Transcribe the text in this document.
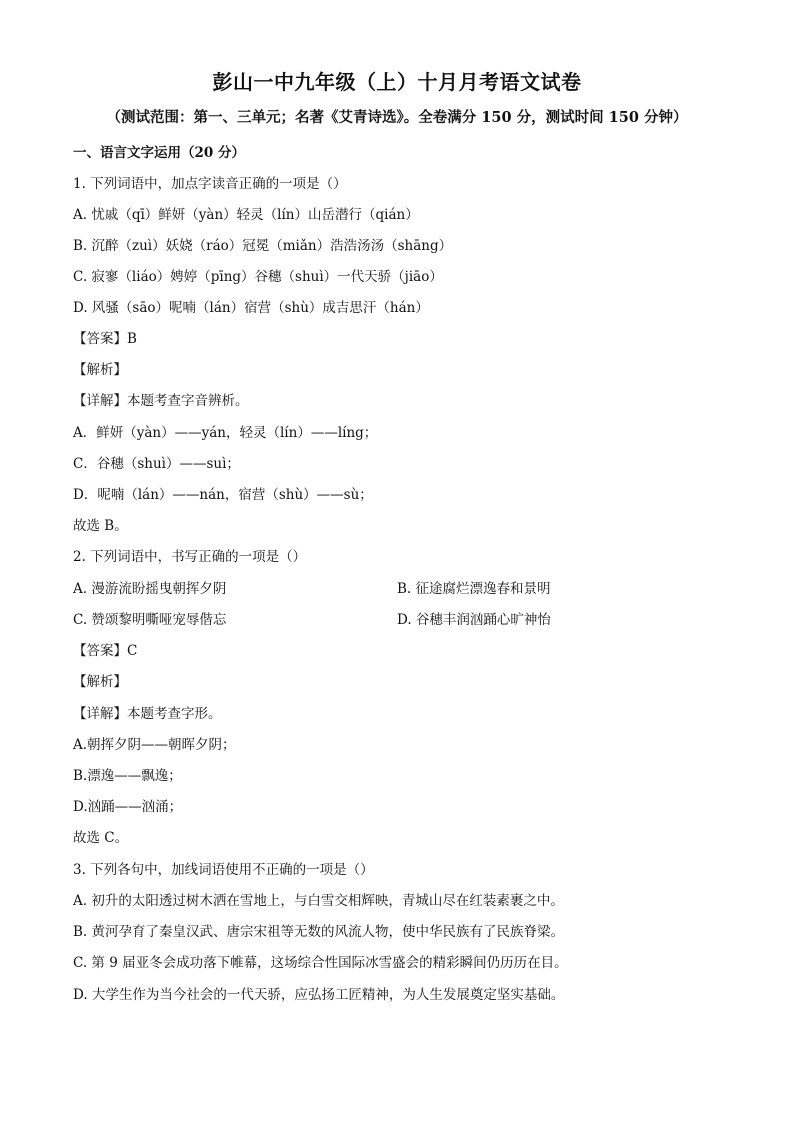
彭山一中九年级（上）十月月考语文试卷
（测试范围：第一、三单元；名著《艾青诗选》。全卷满分 150 分，测试时间 150 分钟）
一、语言文字运用（20 分）
1. 下列词语中，加点字读音正确的一项是（）
A. 忧戚（qī）鲜妍（yàn）轻灵（lín）山岳潜行（qián）
B. 沉醉（zuì）妖娆（ráo）冠冕（miǎn）浩浩汤汤（shāng）
C. 寂寥（liáo）娉婷（pīng）谷穗（shuì）一代天骄（jiāo）
D. 风骚（sāo）呢喃（lán）宿营（shù）成吉思汗（hán）
【答案】B
【解析】
【详解】本题考查字音辨析。
A．鲜妍（yàn）——yán，轻灵（lín）——líng；
C．谷穗（shuì）——suì；
D．呢喃（lán）——nán，宿营（shù）——sù；
故选 B。
2. 下列词语中，书写正确的一项是（）
A. 漫游流盼摇曳朝挥夕阴	B. 征途腐烂漂逸春和景明
C. 赞颂黎明嘶哑宠辱偕忘	D. 谷穗丰润汹踊心旷神怡
【答案】C
【解析】
【详解】本题考查字形。
A.朝挥夕阴——朝晖夕阴；
B.漂逸——飘逸；
D.汹踊——汹涌；
故选 C。
3. 下列各句中，加线词语使用不正确的一项是（）
A. 初升的太阳透过树木洒在雪地上，与白雪交相辉映，青城山尽在红装素裹之中。
B. 黄河孕育了秦皇汉武、唐宗宋祖等无数的风流人物，使中华民族有了民族脊梁。
C. 第 9 届亚冬会成功落下帷幕，这场综合性国际冰雪盛会的精彩瞬间仍历历在目。
D. 大学生作为当今社会的一代天骄，应弘扬工匠精神，为人生发展奠定坚实基础。
